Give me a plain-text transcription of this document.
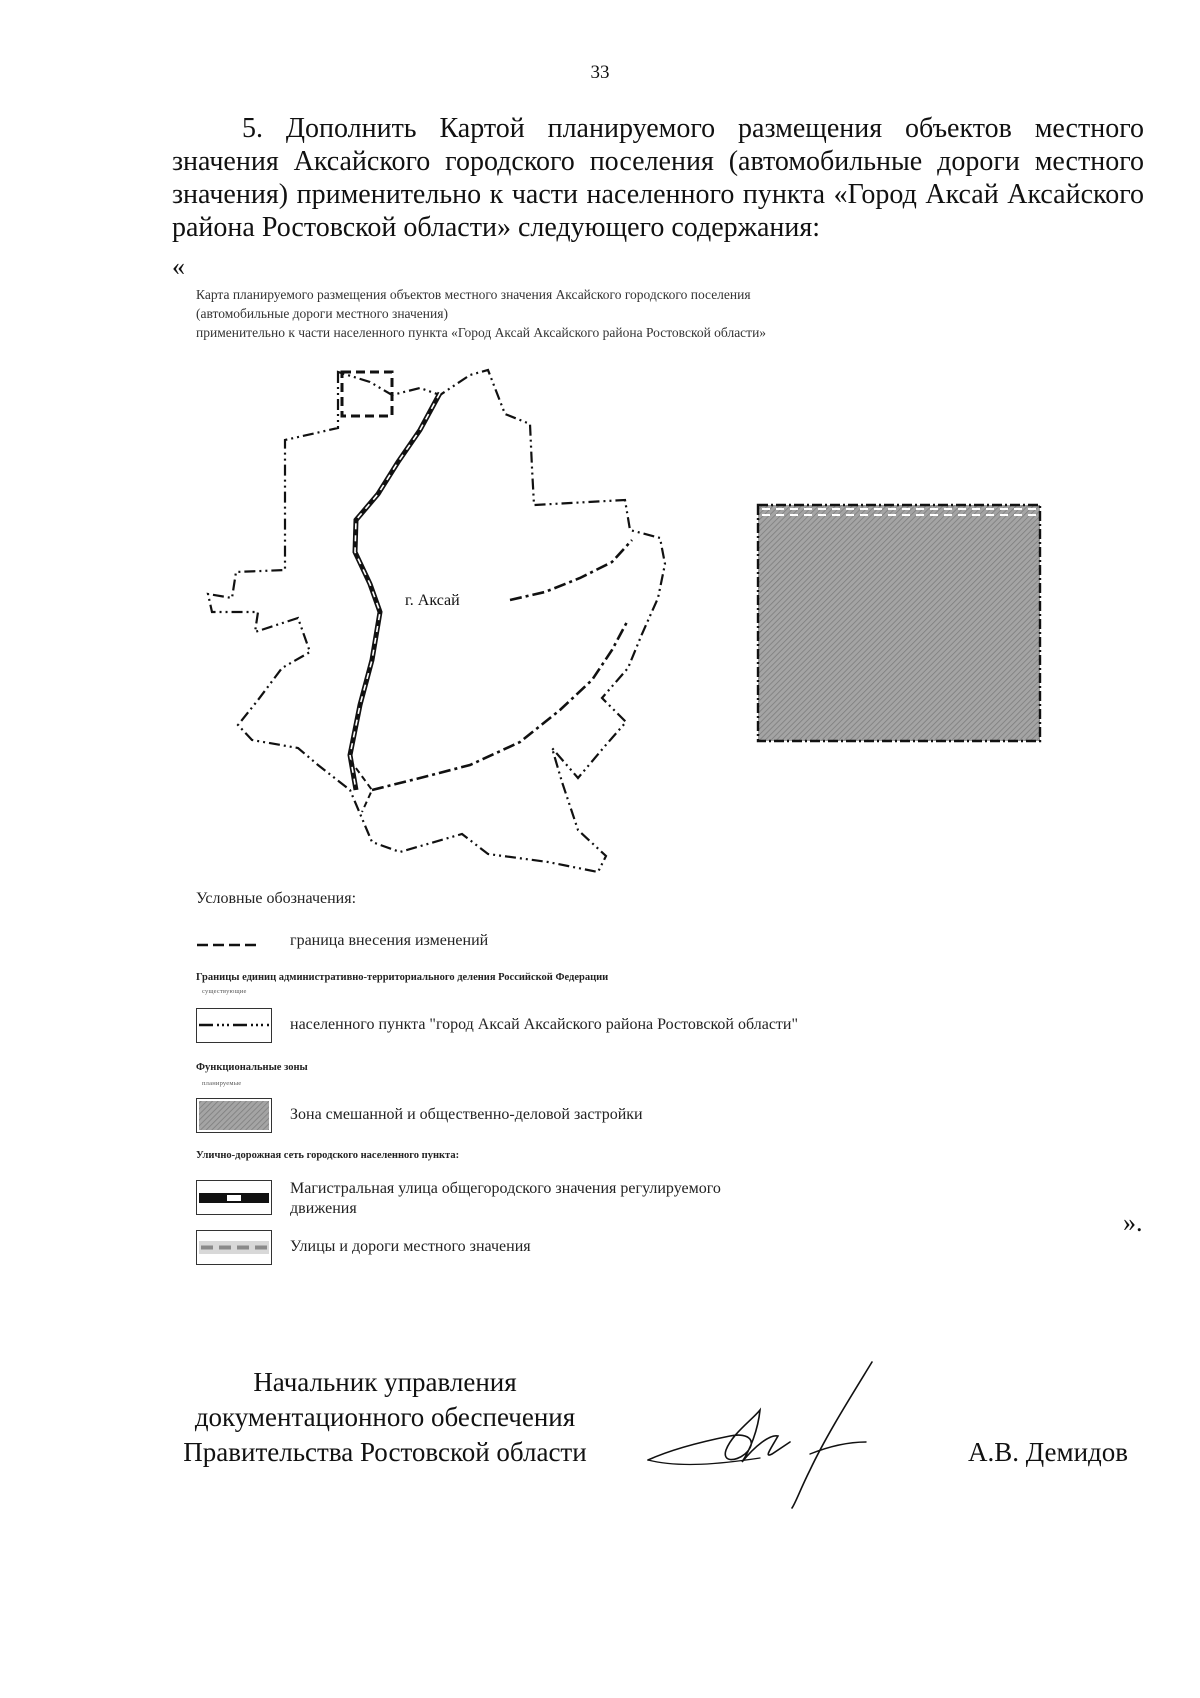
33
5. Дополнить Картой планируемого размещения объектов местного значения Аксайского городского поселения (автомобильные дороги местного значения) применительно к части населенного пункта «Город Аксай Аксайского района Ростовской области» следующего содержания:
«
Карта планируемого размещения объектов местного значения Аксайского городского поселения
(автомобильные дороги местного значения)
применительно к части населенного пункта «Город Аксай Аксайского района Ростовской области»
г. Аксай
Условные обозначения:
граница внесения изменений
Границы единиц административно-территориального деления Российской Федерации
существующие
населенного пункта "город Аксай Аксайского района Ростовской области"
Функциональные зоны
планируемые
Зона смешанной и общественно-деловой застройки
Улично-дорожная сеть городского населенного пункта:
Магистральная улица общегородского значения регулируемого
движения
Улицы и дороги местного значения
».
Начальник управления
документационного обеспечения
Правительства Ростовской области	А.В. Демидов
